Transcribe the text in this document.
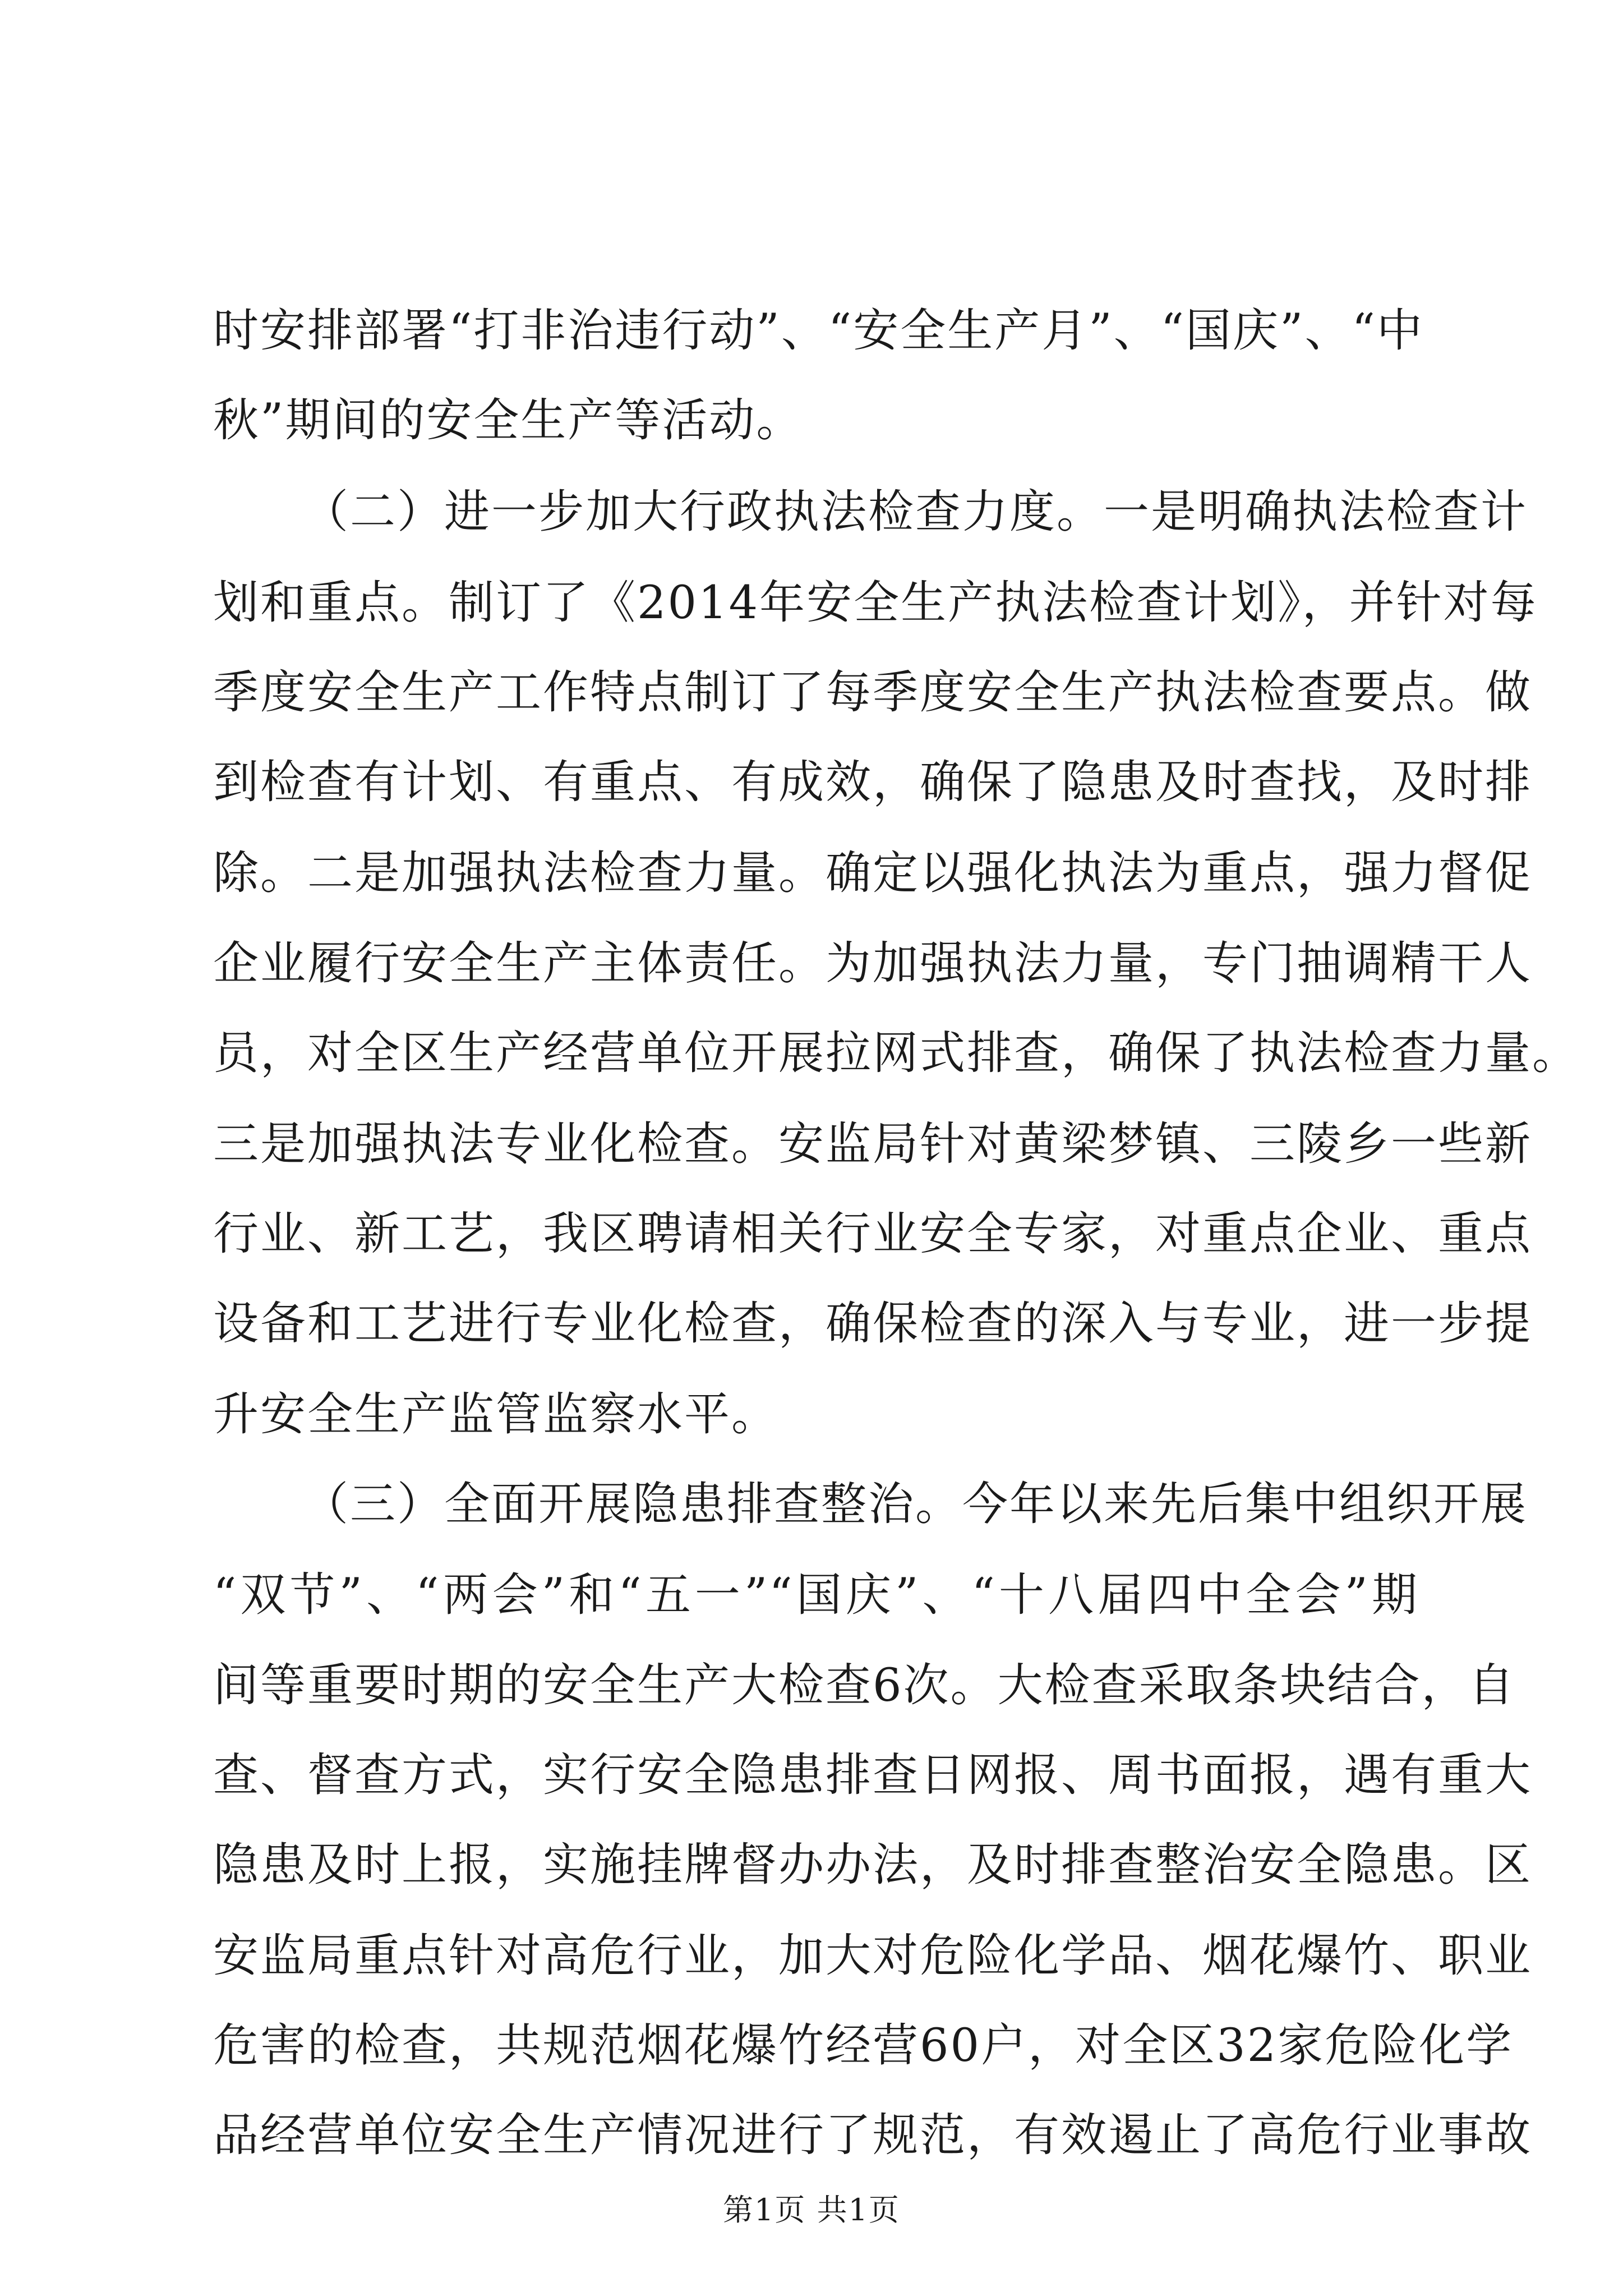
时安排部署“打非治违行动”、“安全生产月”、“国庆”、“中
秋”期间的安全生产等活动。
（二）进一步加大行政执法检查力度。一是明确执法检查计
划和重点。制订了《2014年安全生产执法检查计划》，并针对每
季度安全生产工作特点制订了每季度安全生产执法检查要点。做
到检查有计划、有重点、有成效，确保了隐患及时查找，及时排
除。二是加强执法检查力量。确定以强化执法为重点，强力督促
企业履行安全生产主体责任。为加强执法力量，专门抽调精干人
员，对全区生产经营单位开展拉网式排查，确保了执法检查力量。
三是加强执法专业化检查。安监局针对黄梁梦镇、三陵乡一些新
行业、新工艺，我区聘请相关行业安全专家，对重点企业、重点
设备和工艺进行专业化检查，确保检查的深入与专业，进一步提
升安全生产监管监察水平。
（三）全面开展隐患排查整治。今年以来先后集中组织开展
“双节”、“两会”和“五一”“国庆”、“十八届四中全会”期
间等重要时期的安全生产大检查6次。大检查采取条块结合，自
查、督查方式，实行安全隐患排查日网报、周书面报，遇有重大
隐患及时上报，实施挂牌督办办法，及时排查整治安全隐患。区
安监局重点针对高危行业，加大对危险化学品、烟花爆竹、职业
危害的检查，共规范烟花爆竹经营60户，对全区32家危险化学
第1页 共1页
品经营单位安全生产情况进行了规范，有效遏止了高危行业事故
